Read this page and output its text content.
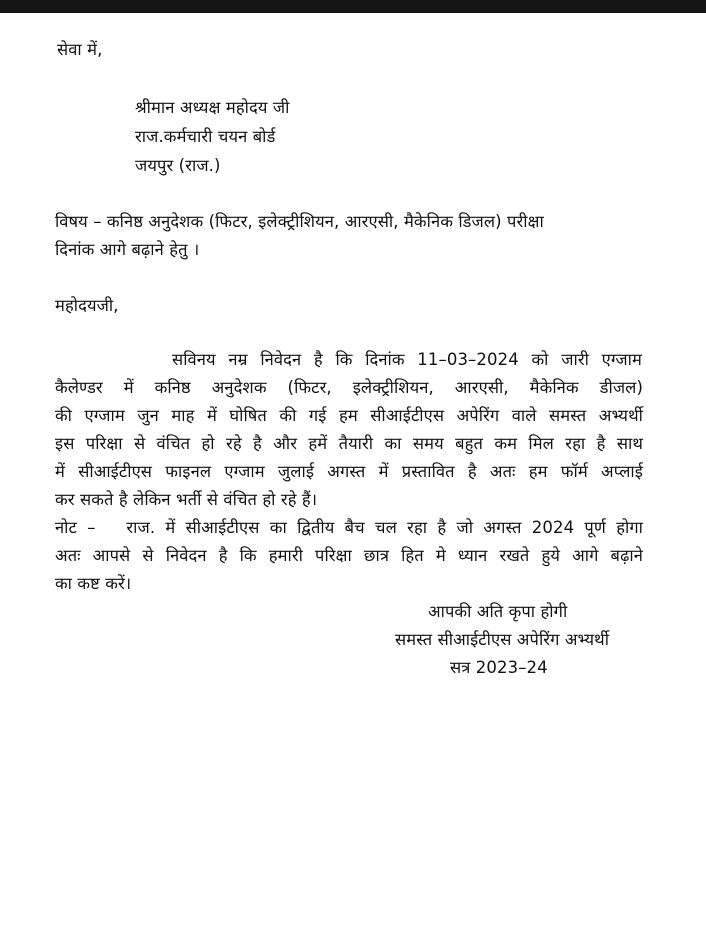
सेवा में,
श्रीमान अध्यक्ष महोदय जी
राज.कर्मचारी चयन बोर्ड
जयपुर (राज.)
विषय – कनिष्ठ अनुदेशक (फिटर, इलेक्ट्रीशियन, आरएसी, मैकेनिक डिजल) परीक्षा
दिनांक आगे बढ़ाने हेतु ।
महोदयजी,
सविनय नम्र निवेदन है कि दिनांक 11–03–2024 को जारी एग्जाम
कैलेण्डर में कनिष्ठ अनुदेशक (फिटर, इलेक्ट्रीशियन, आरएसी, मैकेनिक डीजल)
की एग्जाम जुन माह में घोषित की गई हम सीआईटीएस अपेरिंग वाले समस्त अभ्यर्थी
इस परिक्षा से वंचित हो रहे है और हमें तैयारी का समय बहुत कम मिल रहा है साथ
में सीआईटीएस फाइनल एग्जाम जुलाई अगस्त में प्रस्तावित है अतः हम फॉर्म अप्लाई
कर सकते है लेकिन भर्ती से वंचित हो रहे हैं।
नोट –   राज. में सीआईटीएस का द्वितीय बैच चल रहा है जो अगस्त 2024 पूर्ण होगा
अतः आपसे से निवेदन है कि हमारी परिक्षा छात्र हित मे ध्यान रखते हुये आगे बढ़ाने
का कष्ट करें।
आपकी अति कृपा होगी
समस्त सीआईटीएस अपेरिंग अभ्यर्थी
सत्र 2023–24
